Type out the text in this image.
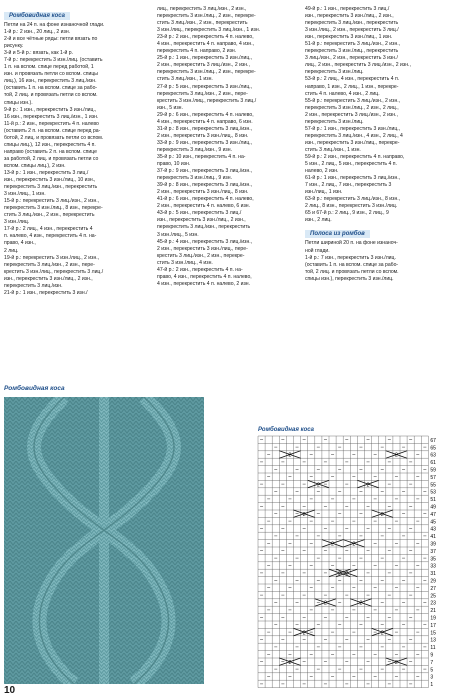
Ромбовидная коса

Петли на 24 п. на фоне изнаночной глади.

1-й р.: 2 изн., 20 лиц., 2 изн.

2-й и все чётные ряды: петли вязать по

рисунку.

3-й и 5-й р.: вязать, как 1-й р.

7-й р.: перекрестить 3 изн./лиц. (оставить

1 п. на вспом. спице перед работой, 1

изн. и провязать петли со вспом. спицы

лиц.), 16 изн., перекрестить 3 лиц./изн.

(оставить 1 п. на вспом. спице за рабо-

той, 2 лиц. и провязать петли со вспом.

спицы изн.).

9-й р.: 1 изн., перекрестить 3 изн./лиц.,

16 изн., перекрестить 3 лиц./изн., 1 изн.

11-й р.: 2 изн., перекрестить 4 п. налево

(оставить 2 п. на вспом. спице перед ра-

ботой, 2 лиц. и провязать петли со вспом.

спицы лиц.), 12 изн., перекрестить 4 п.

направо (оставить 2 п. на вспом. спице

за работой, 2 лиц. и провязать петли со

вспом. спицы лиц.), 2 изн.

13-й р.: 1 изн., перекрестить 3 лиц./

изн., перекрестить 3 изн./лиц., 10 изн.,

перекрестить 3 лиц./изн., перекрестить

3 изн./лиц., 1 изн.

15-й р.: перекрестить 3 лиц./изн., 2 изн.,

перекрестить 3 изн./лиц., 8 изн., перекре-

стить 3 лиц./изн., 2 изн., перекрестить

3 изн./лиц.

17-й р.: 2 лиц., 4 изн., перекрестить 4

п. налево, 4 изн., перекрестить 4 п. на-

право, 4 изн.,

2 лиц.

19-й р.: перекрестить 3 изн./лиц., 2 изн.,

перекрестить 3 лиц./изн., 2 изн., пере-

крестить 3 изн./лиц., перекрестить 3 лиц./

изн., перекрестить 3 изн./лиц., 2 изн.,

перекрестить 3 лиц./изн.

21-й р.: 1 изн., перекрестить 3 изн./

лиц., перекрестить 3 лиц./изн., 2 изн.,

перекрестить 3 изн./лиц., 2 изн., перекре-

стить 3 лиц./изн., 2 изн., перекрестить

3 изн./лиц., перекрестить 3 лиц./изн., 1 изн.

23-й р.: 2 изн., перекрестить 4 п. налево,

4 изн., перекрестить 4 п. направо, 4 изн.,

перекрестить 4 п. направо, 2 изн.

25-й р.: 1 изн., перекрестить 3 изн./лиц.,

2 изн., перекрестить 3 лиц./изн., 2 изн.,

перекрестить 3 изн./лиц., 2 изн., перекре-

стить 3 лиц./изн., 1 изн.

27-й р.: 5 изн., перекрестить 3 изн./лиц.,

перекрестить 3 лиц./изн., 2 изн., пере-

крестить 3 изн./лиц., перекрестить 3 лиц./

изн., 5 изн.

29-й р.: 6 изн., перекрестить 4 п. налево,

4 изн., перекрестить 4 п. направо, 6 изн.

31-й р.: 8 изн., перекрестить 3 лиц./изн.,

2 изн., перекрестить 3 изн./лиц., 8 изн.

33-й р.: 9 изн., перекрестить 3 изн./лиц.,

перекрестить 3 лиц./изн., 9 изн.

35-й р.: 10 изн., перекрестить 4 п. на-

право, 10 изн.

37-й р.: 9 изн., перекрестить 3 лиц./изн.,

перекрестить 3 изн./лиц., 9 изн.

39-й р.: 8 изн., перекрестить 3 лиц./изн.,

2 изн., перекрестить 3 изн./лиц., 8 изн.

41-й р.: 6 изн., перекрестить 4 п. налево,

2 изн., перекрестить 4 п. налево, 6 изн.

43-й р.: 5 изн., перекрестить 3 лиц./

изн., перекрестить 3 изн./лиц., 2 изн.,

перекрестить 3 лиц./изн., перекрестить

3 изн./лиц., 5 изн.

45-й р.: 4 изн., перекрестить 3 лиц./изн.,

2 изн., перекрестить 3 изн./лиц., пере-

крестить 3 лиц./изн., 2 изн., перекре-

стить 3 изн./лиц., 4 изн.

47-й р.: 2 изн., перекрестить 4 п. на-

право, 4 изн., перекрестить 4 п. налево,

4 изн., перекрестить 4 п. налево, 2 изн.

49-й р.: 1 изн., перекрестить 3 лиц./

изн., перекрестить 3 изн./лиц., 2 изн.,

перекрестить 3 лиц./изн., перекрестить

3 изн./лиц., 2 изн., перекрестить 3 лиц./

изн., перекрестить 3 изн./лиц., 1 изн.

51-й р.: перекрестить 3 лиц./изн., 2 изн.,

перекрестить 3 изн./лиц., перекрестить

3 лиц./изн., 2 изн., перекрестить 3 изн./

лиц., 2 изн., перекрестить 3 лиц./изн., 2 изн.,

перекрестить 3 изн./лиц.

53-й р.: 2 лиц., 4 изн., перекрестить 4 п.

направо, 1 изн., 2 лиц., 1 изн., перекре-

стить 4 п. налево, 4 изн., 2 лиц.

55-й р.: перекрестить 3 лиц./изн., 2 изн.,

перекрестить 3 изн./лиц., 2 изн., 2 лиц.,

2 изн., перекрестить 3 лиц./изн., 2 изн.,

перекрестить 3 изн./лиц.

57-й р.: 1 изн., перекрестить 3 изн./лиц.,

перекрестить 3 лиц./изн., 4 изн., 2 лиц., 4

изн., перекрестить 3 изн./лиц., перекре-

стить 3 лиц./изн., 1 изн.

59-й р.: 2 изн., перекрестить 4 п. направо,

5 изн., 2 лиц., 5 изн., перекрестить 4 п.

налево, 2 изн.

61-й р.: 1 изн., перекрестить 3 лиц./изн.,

7 изн., 2 лиц., 7 изн., перекрестить 3

изн./лиц., 1 изн.

63-й р.: перекрестить 3 лиц./изн., 8 изн.,

2 лиц., 8 изн., перекрестить 3 изн./лиц.

65 и 67-й р.: 2 лиц., 9 изн., 2 лиц., 9

изн., 2 лиц.

Полоса из ромбов

Петли шириной 20 п. на фоне изнаноч-

ной глади.

1-й р.: 7 изн., перекрестить 3 изн./лиц.

(оставить 1 п. на вспом. спице за рабо-

той, 2 лиц. и провязать петли со вспом.

спицы изн.), перекрестить 3 изн./лиц.

Ромбовидная коса
Ромбовидная коса
2	2
2	2
2	2
2	2
2
2
2
2
2	2
2	2
67
65
63
61
59
57
55
53
51
49
47
45
43
41
39
37
35
33
31
29
27
25
23
21
19
17
15
13
11
9
7
5
3
1
10
